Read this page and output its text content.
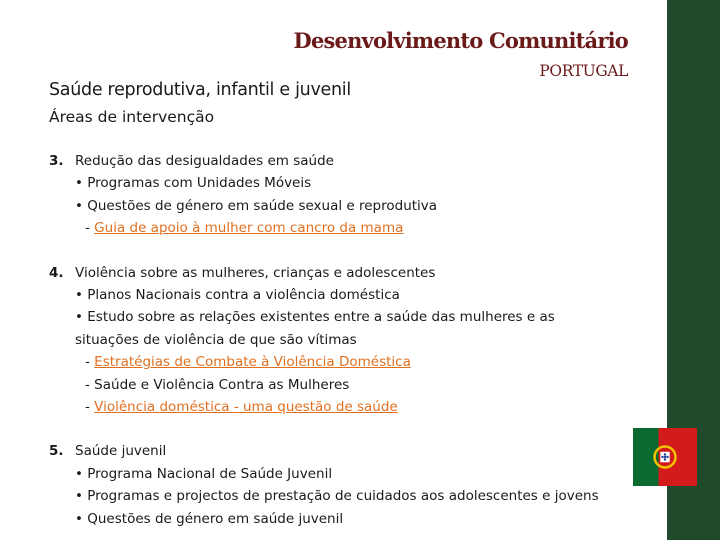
Desenvolvimento Comunitário
PORTUGAL
Saúde reprodutiva, infantil e juvenil
Áreas de intervenção
3. Redução das desigualdades em saúde
• Programas com Unidades Móveis
• Questões de género em saúde sexual e reprodutiva
- Guia de apoio à mulher com cancro da mama
4. Violência sobre as mulheres, crianças e adolescentes
• Planos Nacionais contra a violência doméstica
• Estudo sobre as relações existentes entre a saúde das mulheres e as situações de violência de que são vítimas
- Estratégias de Combate à Violência Doméstica
- Saúde e Violência Contra as Mulheres
- Violência doméstica - uma questão de saúde
5. Saúde juvenil
• Programa Nacional de Saúde Juvenil
• Programas e projectos de prestação de cuidados aos adolescentes e jovens
• Questões de género em saúde juvenil
